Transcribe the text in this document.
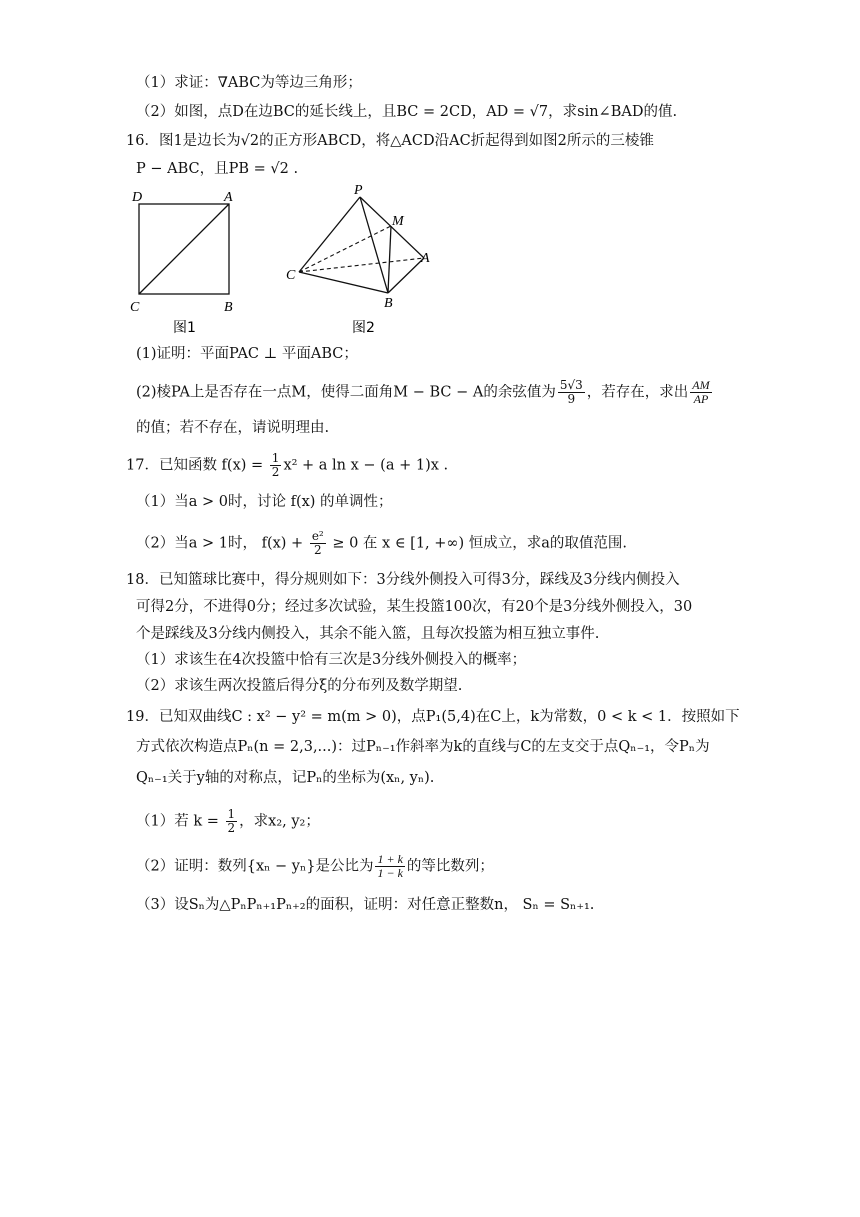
（1）求证：∇ABC为等边三角形；
（2）如图，点D在边BC的延长线上，且BC = 2CD，AD = √7，求sin∠BAD的值.
16．图1是边长为√2的正方形ABCD，将△ACD沿AC折起得到如图2所示的三棱锥
P − ABC，且PB = √2 .
D	A
C	B
图1
P
M
A
C
B
图2
(1)证明：平面PAC ⊥ 平面ABC；
(2)棱PA上是否存在一点M，使得二面角M − BC − A的余弦值为 $\frac{5√3}{9}$ ，若存在，求出 $\frac{AM}{AP}$
的值；若不存在，请说明理由.
17．已知函数 $f(x) = \frac{1}{2} x^2 + a$ ln x − (a + 1)x .
（1）当a > 0时，讨论 f(x) 的单调性；
（2）当a > 1时， $f(x) + \frac{\text{e²}}{2} \ge 0$ 在 x ∈ [1, +∞) 恒成立，求a的取值范围.
18．已知篮球比赛中，得分规则如下：3分线外侧投入可得3分，踩线及3分线内侧投入
可得2分，不进得0分；经过多次试验，某生投篮100次，有20个是3分线外侧投入，30
个是踩线及3分线内侧投入，其余不能入篮，且每次投篮为相互独立事件.
（1）求该生在4次投篮中恰有三次是3分线外侧投入的概率；
（2）求该生两次投篮后得分ξ的分布列及数学期望.
19．已知双曲线C : x² − y² = m(m > 0)，点P₁(5,4)在C上，k为常数，0 < k < 1．按照如下
方式依次构造点Pₙ(n = 2,3,...)：过Pₙ₋₁作斜率为k的直线与C的左支交于点Qₙ₋₁，令Pₙ为
Qₙ₋₁关于y轴的对称点，记Pₙ的坐标为(xₙ, yₙ).
（1）若 $k = \frac{1}{2}$ ，求x₂, y₂；
（2）证明：数列{xₙ − yₙ}是公比为 $\frac{1 + k}{1 - k}$ 的等比数列；
（3）设Sₙ为△PₙPₙ₊₁Pₙ₊₂的面积，证明：对任意正整数n， Sₙ = Sₙ₊₁.
